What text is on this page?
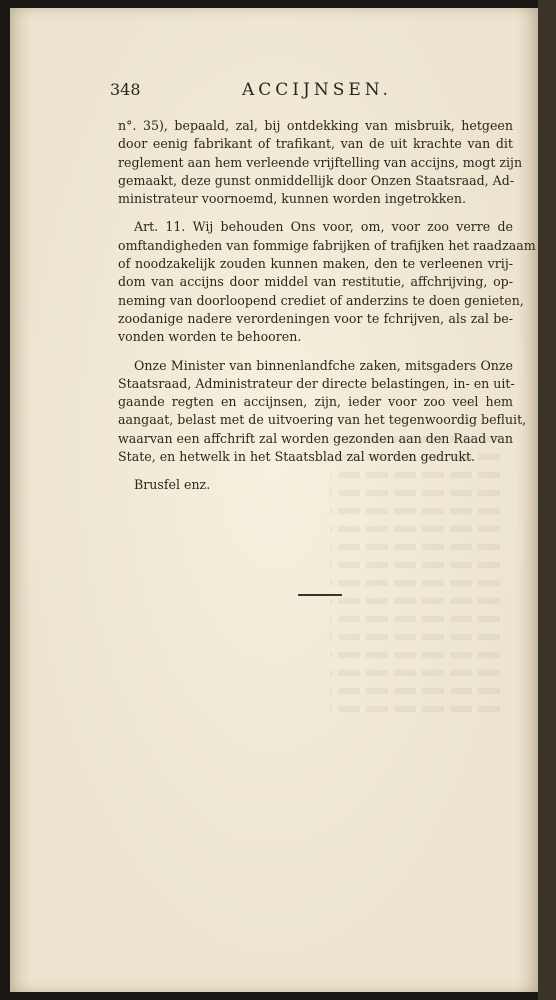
348	ACCIJNSEN.

n°. 35), bepaald, zal, bij ontdekking van misbruik, hetgeen
door eenig fabrikant of trafikant, van de uit krachte van dit
reglement aan hem verleende vrijftelling van accijns, mogt zijn
gemaakt, deze gunst onmiddellijk door Onzen Staatsraad, Ad-
ministrateur voornoemd, kunnen worden ingetrokken.

Art. 11. Wij behouden Ons voor, om, voor zoo verre de
omftandigheden van fommige fabrijken of trafijken het raadzaam
of noodzakelijk zouden kunnen maken, den te verleenen vrij-
dom van accijns door middel van restitutie, affchrijving, op-
neming van doorloopend crediet of anderzins te doen genieten,
zoodanige nadere verordeningen voor te fchrijven, als zal be-
vonden worden te behooren.

Onze Minister van binnenlandfche zaken, mitsgaders Onze
Staatsraad, Administrateur der directe belastingen, in- en uit-
gaande regten en accijnsen, zijn, ieder voor zoo veel hem
aangaat, belast met de uitvoering van het tegenwoordig befluit,
waarvan een affchrift zal worden gezonden aan den Raad van
State, en hetwelk in het Staatsblad zal worden gedrukt.

Brusfel enz.
